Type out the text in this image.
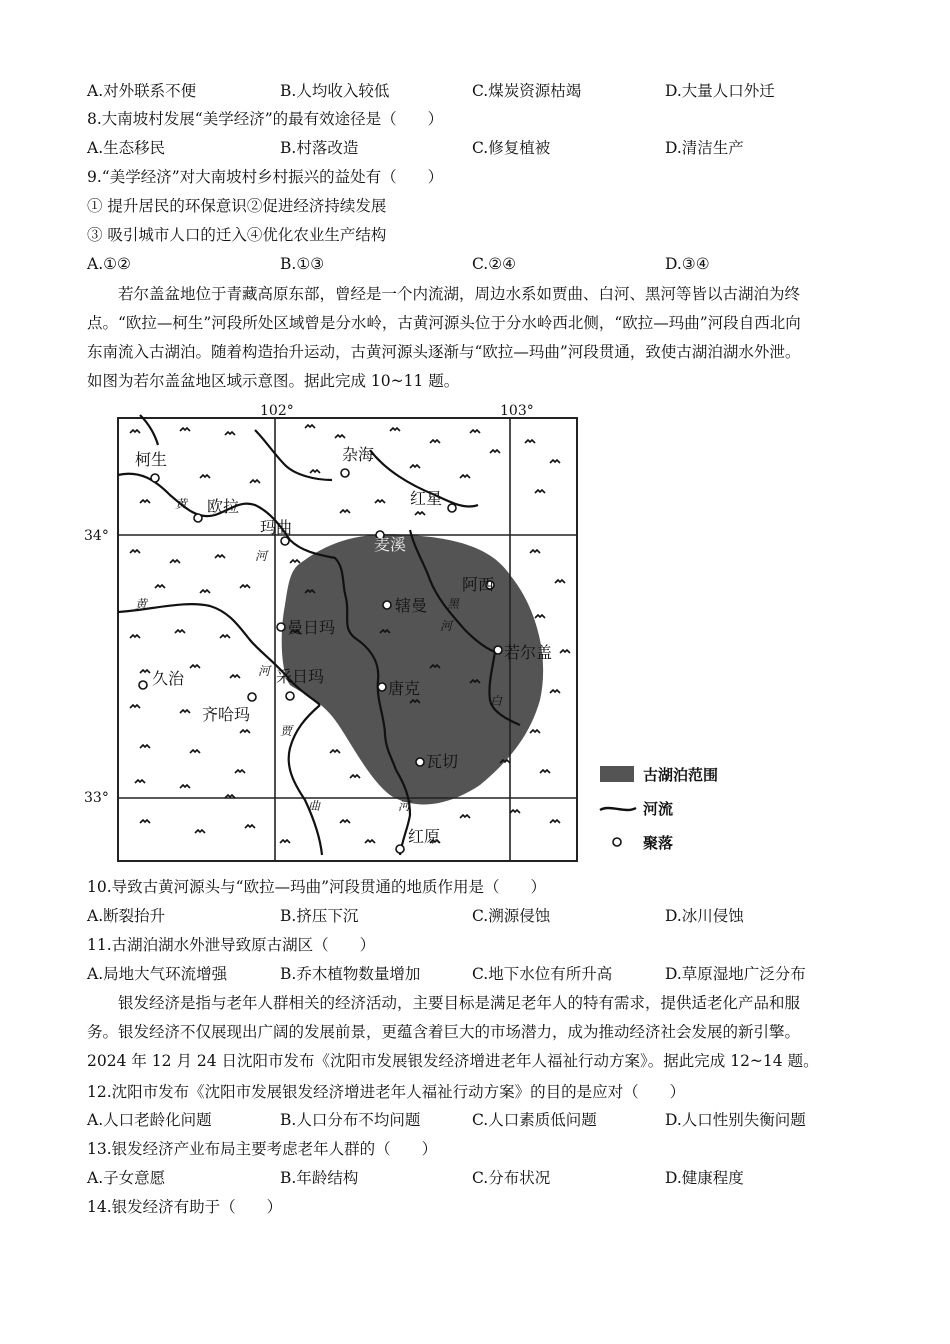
A.对外联系不便	B.人均收入较低	C.煤炭资源枯竭	D.大量人口外迁
8.大南坡村发展“美学经济”的最有效途径是（　　）
A.生态移民	B.村落改造	C.修复植被	D.清洁生产
9.“美学经济”对大南坡村乡村振兴的益处有（　　）
① 提升居民的环保意识②促进经济持续发展
③ 吸引城市人口的迁入④优化农业生产结构
A.①②	B.①③	C.②④	D.③④

若尔盖盆地位于青藏高原东部，曾经是一个内流湖，周边水系如贾曲、白河、黑河等皆以古湖泊为终

点。“欧拉—柯生”河段所处区域曾是分水岭，古黄河源头位于分水岭西北侧，“欧拉—玛曲”河段自西北向

东南流入古湖泊。随着构造抬升运动，古黄河源头逐渐与“欧拉—玛曲”河段贯通，致使古湖泊湖水外泄。

如图为若尔盖盆地区域示意图。据此完成 10~11 题。

102°	103°
34°
33°
黄
河
黄
河
黑
河
白
贾
曲	河
柯生
欧拉
玛曲
杂海
红星
麦溪
阿西
辖曼
曼日玛
若尔盖
久治	采日玛
唐克
齐哈玛
瓦切
红原
古湖泊范围
河流
聚落
10.导致古黄河源头与“欧拉—玛曲”河段贯通的地质作用是（　　）
A.断裂抬升	B.挤压下沉	C.溯源侵蚀	D.冰川侵蚀
11.古湖泊湖水外泄导致原古湖区（　　）
A.局地大气环流增强	B.乔木植物数量增加	C.地下水位有所升高	D.草原湿地广泛分布

银发经济是指与老年人群相关的经济活动，主要目标是满足老年人的特有需求，提供适老化产品和服

务。银发经济不仅展现出广阔的发展前景，更蕴含着巨大的市场潜力，成为推动经济社会发展的新引擎。

2024 年 12 月 24 日沈阳市发布《沈阳市发展银发经济增进老年人福祉行动方案》。据此完成 12~14 题。

12.沈阳市发布《沈阳市发展银发经济增进老年人福祉行动方案》的目的是应对（　　）
A.人口老龄化问题	B.人口分布不均问题	C.人口素质低问题	D.人口性别失衡问题
13.银发经济产业布局主要考虑老年人群的（　　）
A.子女意愿	B.年龄结构	C.分布状况	D.健康程度
14.银发经济有助于（　　）
